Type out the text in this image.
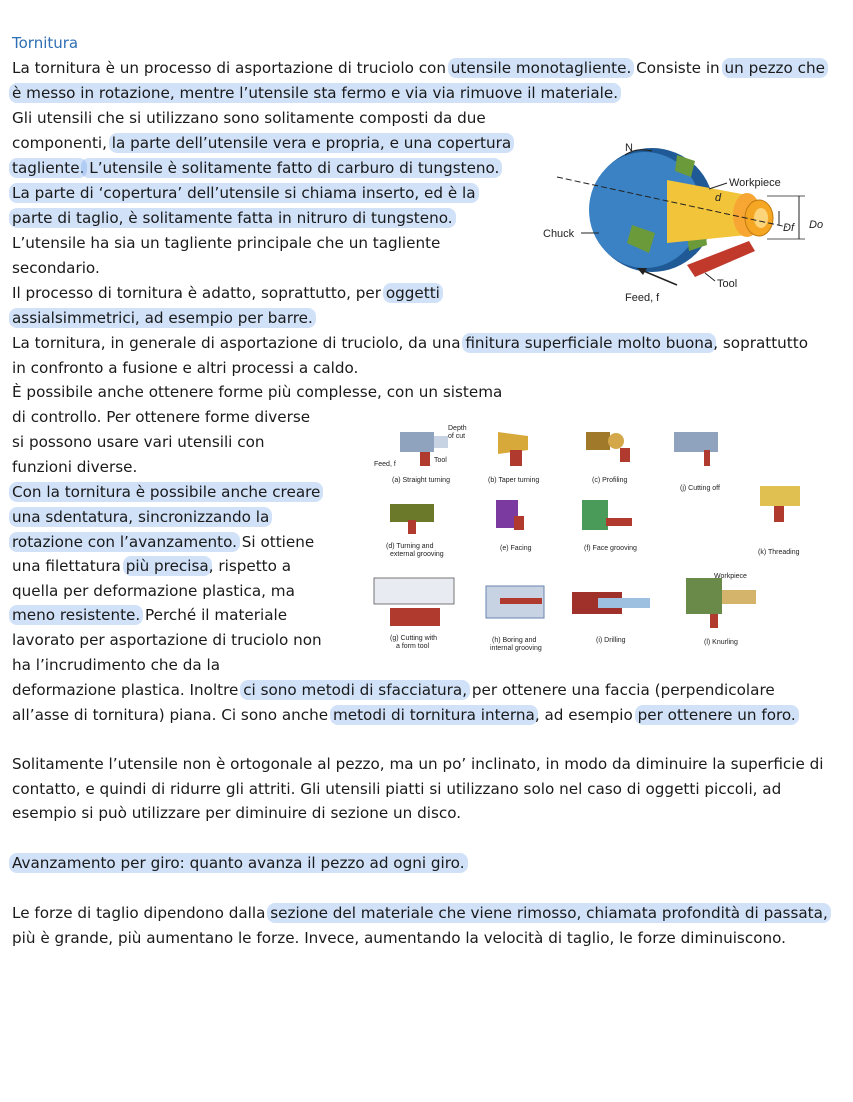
Tornitura
La tornitura è un processo di asportazione di truciolo con utensile monotagliente. Consiste in un pezzo che
è messo in rotazione, mentre l’utensile sta fermo e via via rimuove il materiale.
Gli utensili che si utilizzano sono solitamente composti da due
componenti, la parte dell’utensile vera e propria, e una copertura
tagliente. L’utensile è solitamente fatto di carburo di tungsteno.
La parte di ‘copertura’ dell’utensile si chiama inserto, ed è la
parte di taglio, è solitamente fatta in nitruro di tungsteno.
L’utensile ha sia un tagliente principale che un tagliente
secondario.
Il processo di tornitura è adatto, soprattutto, per oggetti
assialsimmetrici, ad esempio per barre.
La tornitura, in generale di asportazione di truciolo, da una finitura superficiale molto buona, soprattutto
in confronto a fusione e altri processi a caldo.
È possibile anche ottenere forme più complesse, con un sistema
di controllo. Per ottenere forme diverse
si possono usare vari utensili con
funzioni diverse.
Con la tornitura è possibile anche creare
una sdentatura, sincronizzando la
rotazione con l’avanzamento. Si ottiene
una filettatura più precisa, rispetto a
quella per deformazione plastica, ma
meno resistente. Perché il materiale
lavorato per asportazione di truciolo non
ha l’incrudimento che da la
deformazione plastica. Inoltre ci sono metodi di sfacciatura, per ottenere una faccia (perpendicolare
all’asse di tornitura) piana. Ci sono anche metodi di tornitura interna, ad esempio per ottenere un foro.
Solitamente l’utensile non è ortogonale al pezzo, ma un po’ inclinato, in modo da diminuire la superficie di
contatto, e quindi di ridurre gli attriti. Gli utensili piatti si utilizzano solo nel caso di oggetti piccoli, ad
esempio si può utilizzare per diminuire di sezione un disco.
Avanzamento per giro: quanto avanza il pezzo ad ogni giro.
Le forze di taglio dipendono dalla sezione del materiale che viene rimosso, chiamata profondità di passata,
più è grande, più aumentano le forze. Invece, aumentando la velocità di taglio, le forze diminuiscono.
N
Workpiece
d
Df Do
Chuck
Tool
Feed, f
Depth
of cut
Tool
Feed, f
(a) Straight turning	(b) Taper turning	(c) Profiling
(j) Cutting off
(d) Turning and
external grooving
(e) Facing	(f) Face grooving
(k) Threading
(g) Cutting with
a form tool
(h) Boring and
internal grooving
(i) Drilling
Workpiece
(l) Knurling
